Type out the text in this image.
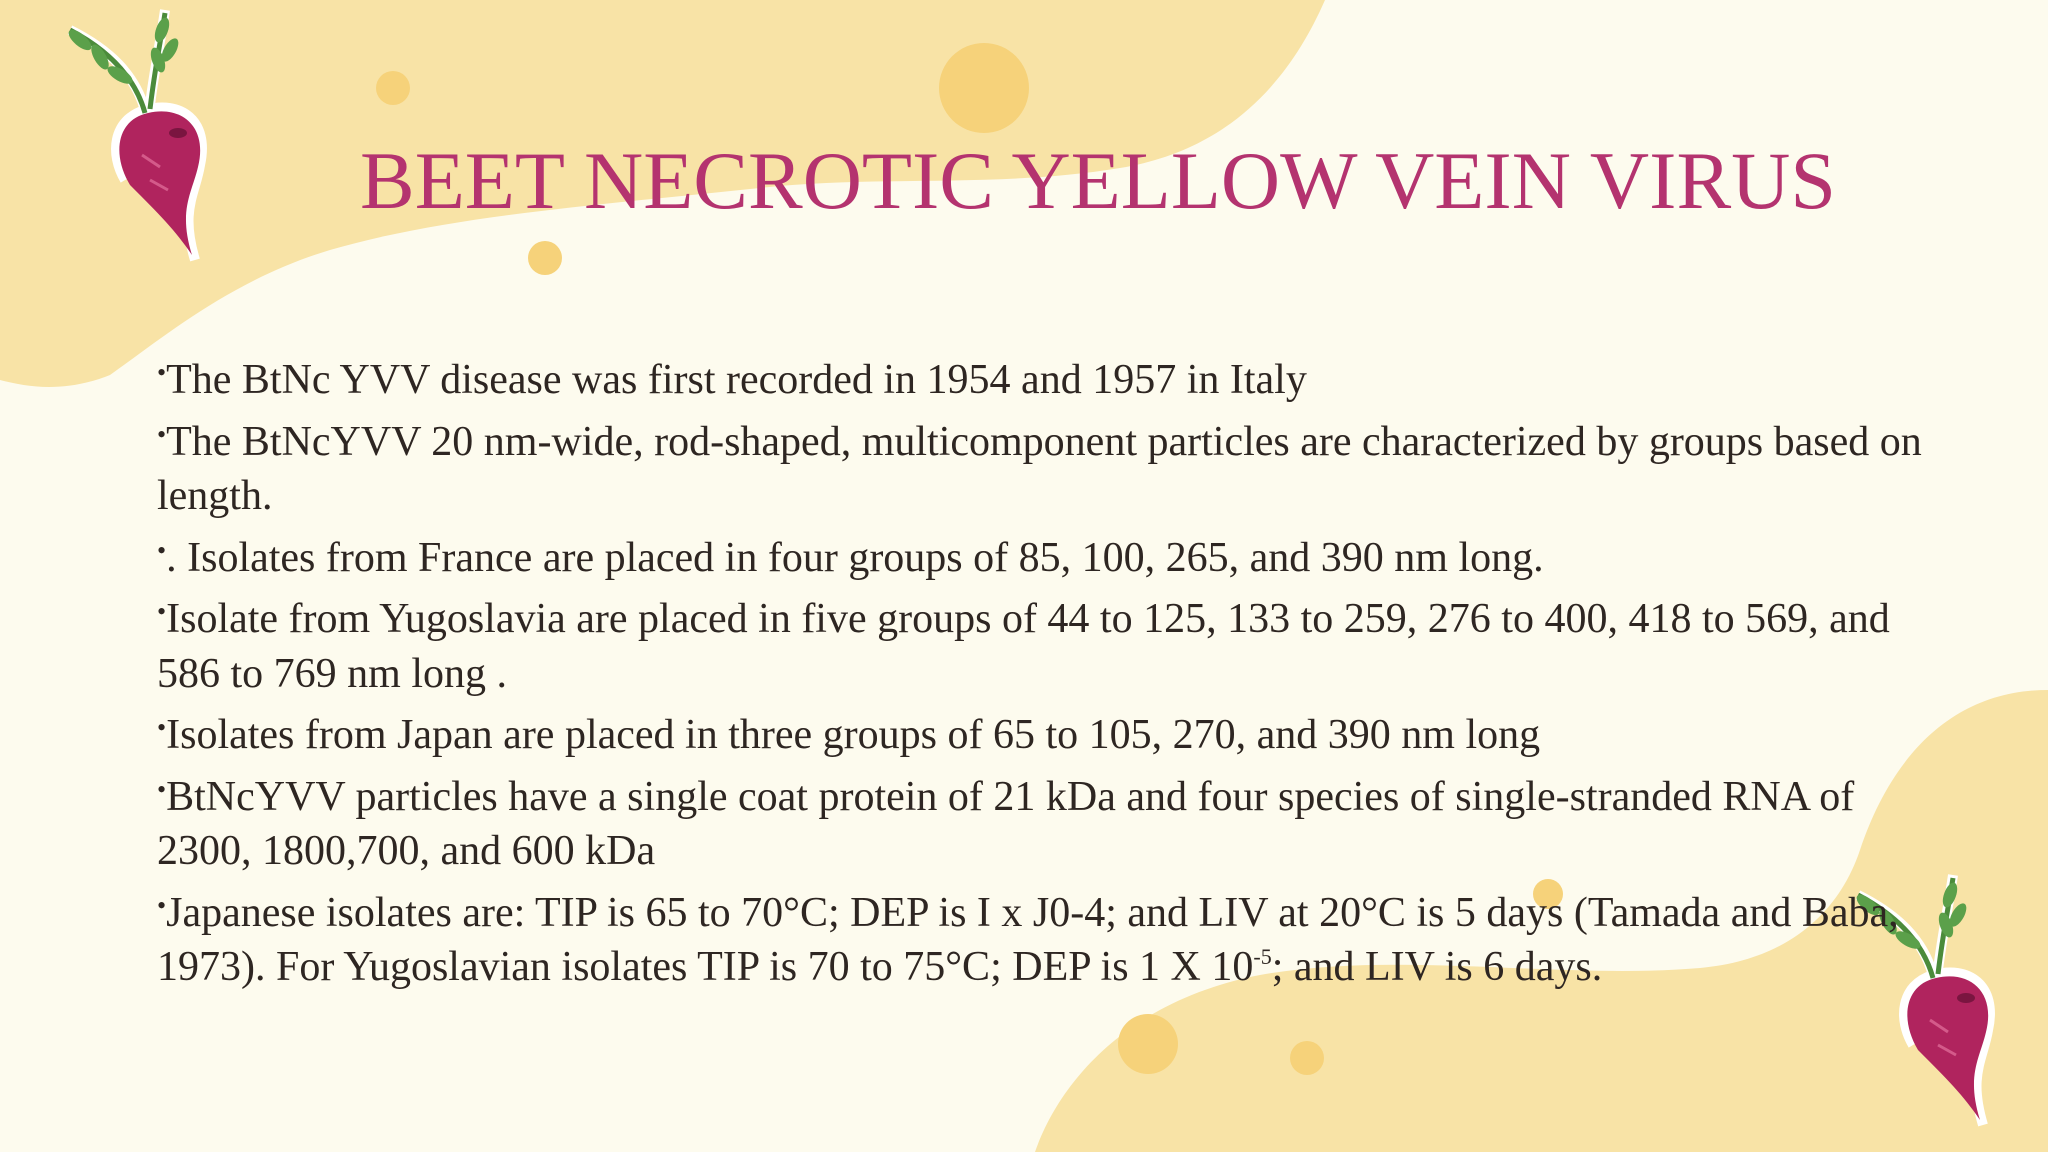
BEET NECROTIC YELLOW VEIN VIRUS

•The BtNc YVV disease was first recorded in 1954 and 1957 in Italy

•The BtNcYVV 20 nm-wide, rod-shaped, multicomponent particles are characterized by groups based on length.

•. Isolates from France are placed in four groups of 85, 100, 265, and 390 nm long.

•Isolate from Yugoslavia are placed in five groups of 44 to 125, 133 to 259, 276 to 400, 418 to 569, and 586 to 769 nm long .

•Isolates from Japan are placed in three groups of 65 to 105, 270, and 390 nm long

•BtNcYVV particles have a single coat protein of 21 kDa and four species of single-stranded RNA of 2300, 1800,700, and 600 kDa

•Japanese isolates are: TIP is 65 to 70°C; DEP is I x J0-4; and LIV at 20°C is 5 days (Tamada and Baba, 1973). For Yugoslavian isolates TIP is 70 to 75°C; DEP is 1 X $10^{-5}$; and LIV is 6 days.
